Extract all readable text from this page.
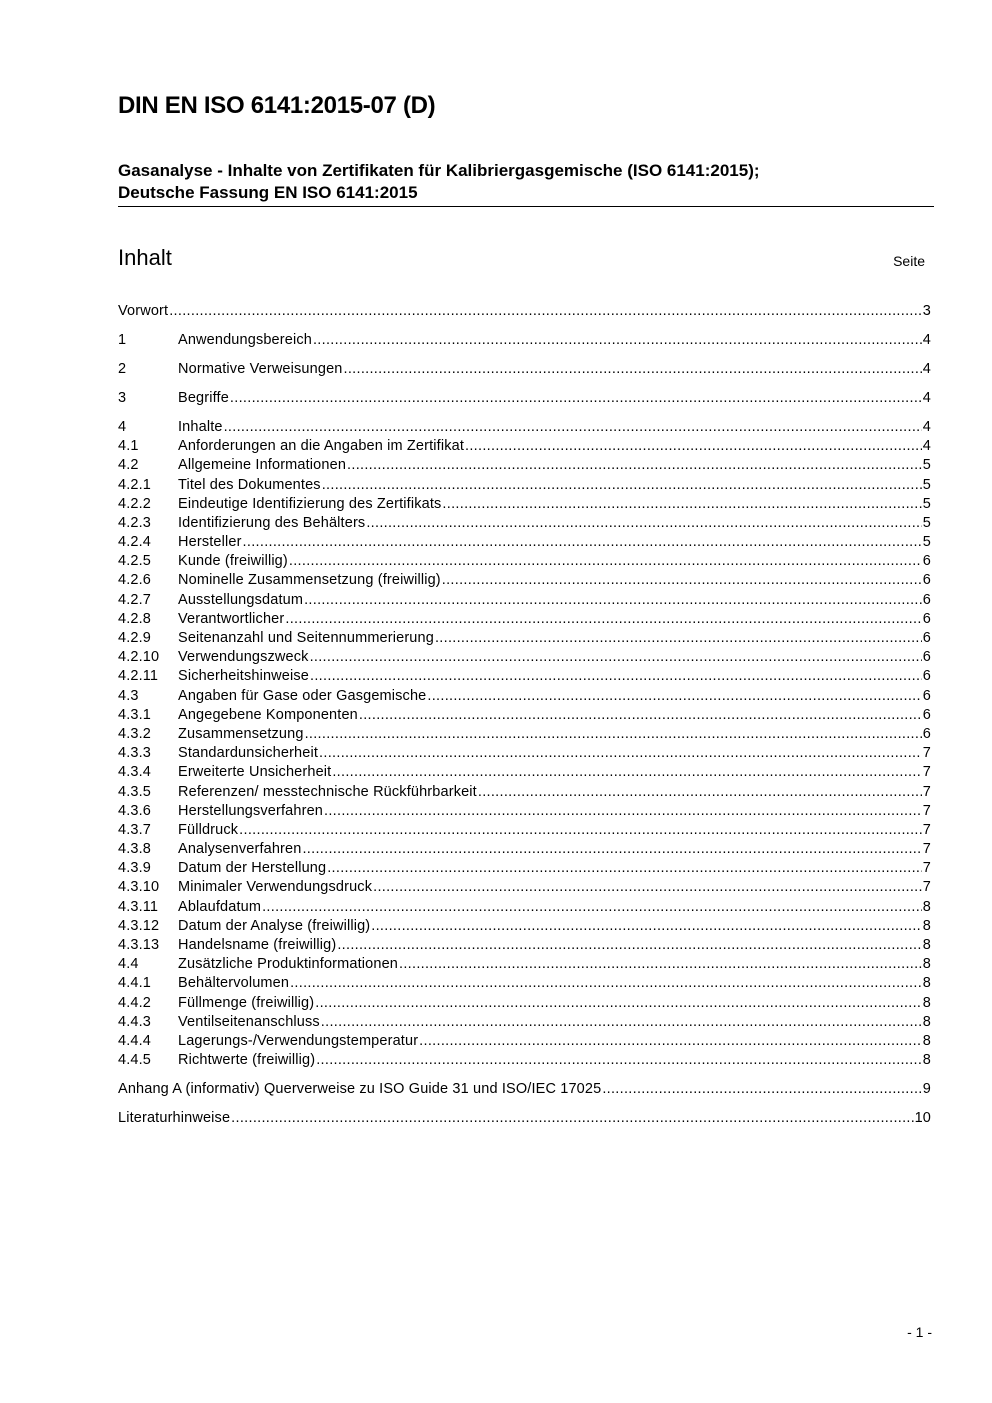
DIN EN ISO 6141:2015-07 (D)
Gasanalyse - Inhalte von Zertifikaten für Kalibriergasgemische (ISO 6141:2015);
Deutsche Fassung EN ISO 6141:2015
Inhalt	Seite
Vorwort .....	3
1	Anwendungsbereich .....	4
2	Normative Verweisungen .....	4
3	Begriffe .....	4
4	Inhalte .....	4
4.1	Anforderungen an die Angaben im Zertifikat .....	4
4.2	Allgemeine Informationen .....	5
4.2.1	Titel des Dokumentes .....	5
4.2.2	Eindeutige Identifizierung des Zertifikats .....	5
4.2.3	Identifizierung des Behälters .....	5
4.2.4	Hersteller .....	5
4.2.5	Kunde (freiwillig) .....	6
4.2.6	Nominelle Zusammensetzung (freiwillig) .....	6
4.2.7	Ausstellungsdatum .....	6
4.2.8	Verantwortlicher .....	6
4.2.9	Seitenanzahl und Seitennummerierung .....	6
4.2.10	Verwendungszweck .....	6
4.2.11	Sicherheitshinweise .....	6
4.3	Angaben für Gase oder Gasgemische .....	6
4.3.1	Angegebene Komponenten .....	6
4.3.2	Zusammensetzung .....	6
4.3.3	Standardunsicherheit .....	7
4.3.4	Erweiterte Unsicherheit .....	7
4.3.5	Referenzen/ messtechnische Rückführbarkeit .....	7
4.3.6	Herstellungsverfahren .....	7
4.3.7	Fülldruck .....	7
4.3.8	Analysenverfahren .....	7
4.3.9	Datum der Herstellung .....	7
4.3.10	Minimaler Verwendungsdruck .....	7
4.3.11	Ablaufdatum .....	8
4.3.12	Datum der Analyse (freiwillig) .....	8
4.3.13	Handelsname (freiwillig) .....	8
4.4	Zusätzliche Produktinformationen .....	8
4.4.1	Behältervolumen .....	8
4.4.2	Füllmenge (freiwillig) .....	8
4.4.3	Ventilseitenanschluss .....	8
4.4.4	Lagerungs-/Verwendungstemperatur .....	8
4.4.5	Richtwerte (freiwillig) .....	8
Anhang A (informativ) Querverweise zu ISO Guide 31 und ISO/IEC 17025 .....	9
Literaturhinweise .....	10
- 1 -
